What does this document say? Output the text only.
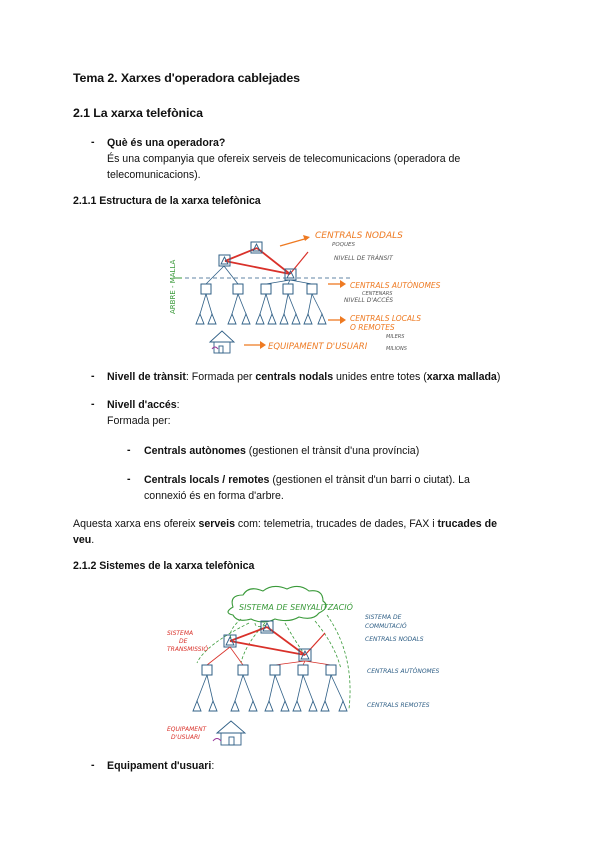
Tema 2. Xarxes d'operadora cablejades
2.1 La xarxa telefònica
- Què és una operadora?
És una companyia que ofereix serveis de telecomunicacions (operadora de
telecomunicacions).
2.1.1 Estructura de la xarxa telefònica
ARBRE - MALLA
CENTRALS NODALS
CENTRALS AUTÒNOMES
CENTRALS LOCALS
O REMOTES
EQUIPAMENT D'USUARI
POQUES
NIVELL DE TRÀNSIT
CENTENARS
NIVELL D'ACCÉS
MILERS
MILIONS
- Nivell de trànsit: Formada per centrals nodals unides entre totes (xarxa mallada)
- Nivell d'accés:
Formada per:
- Centrals autònomes (gestionen el trànsit d'una província)
- Centrals locals / remotes (gestionen el trànsit d'un barri o ciutat). La
connexió és en forma d'arbre.
Aquesta xarxa ens ofereix serveis com: telemetria, trucades de dades, FAX i trucades de
veu.
2.1.2 Sistemes de la xarxa telefònica
SISTEMA DE SENYALITZACIÓ
SISTEMA
DE
TRANSMISSIÓ
EQUIPAMENT
D'USUARI
SISTEMA DE
COMMUTACIÓ
CENTRALS NODALS
CENTRALS AUTÒNOMES
CENTRALS REMOTES
- Equipament d'usuari:
